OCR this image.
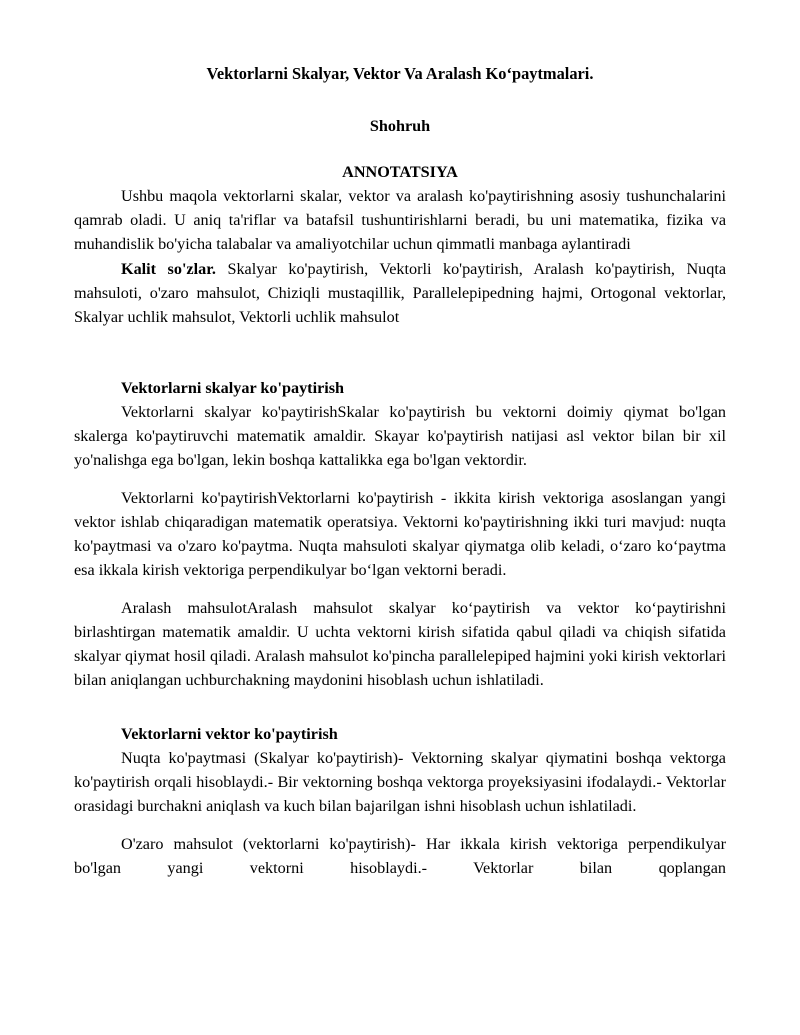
Vektorlarni Skalyar, Vektor Va Aralash Koʻpaytmalari.
Shohruh
ANNOTATSIYA

Ushbu maqola vektorlarni skalar, vektor va aralash ko'paytirishning asosiy tushunchalarini qamrab oladi. U aniq ta'riflar va batafsil tushuntirishlarni beradi, bu uni matematika, fizika va muhandislik bo'yicha talabalar va amaliyotchilar uchun qimmatli manbaga aylantiradi

Kalit so'zlar. Skalyar ko'paytirish, Vektorli ko'paytirish, Aralash ko'paytirish, Nuqta mahsuloti, o'zaro mahsulot, Chiziqli mustaqillik, Parallelepipedning hajmi, Ortogonal vektorlar, Skalyar uchlik mahsulot, Vektorli uchlik mahsulot

Vektorlarni skalyar ko'paytirish

Vektorlarni skalyar ko'paytirishSkalar ko'paytirish bu vektorni doimiy qiymat bo'lgan skalerga ko'paytiruvchi matematik amaldir. Skayar ko'paytirish natijasi asl vektor bilan bir xil yo'nalishga ega bo'lgan, lekin boshqa kattalikka ega bo'lgan vektordir.

Vektorlarni ko'paytirishVektorlarni ko'paytirish - ikkita kirish vektoriga asoslangan yangi vektor ishlab chiqaradigan matematik operatsiya. Vektorni ko'paytirishning ikki turi mavjud: nuqta ko'paytmasi va o'zaro ko'paytma. Nuqta mahsuloti skalyar qiymatga olib keladi, oʻzaro koʻpaytma esa ikkala kirish vektoriga perpendikulyar boʻlgan vektorni beradi.

Aralash mahsulotAralash mahsulot skalyar koʻpaytirish va vektor koʻpaytirishni birlashtirgan matematik amaldir. U uchta vektorni kirish sifatida qabul qiladi va chiqish sifatida skalyar qiymat hosil qiladi. Aralash mahsulot ko'pincha parallelepiped hajmini yoki kirish vektorlari bilan aniqlangan uchburchakning maydonini hisoblash uchun ishlatiladi.

Vektorlarni vektor ko'paytirish

Nuqta ko'paytmasi (Skalyar ko'paytirish)- Vektorning skalyar qiymatini boshqa vektorga ko'paytirish orqali hisoblaydi.- Bir vektorning boshqa vektorga proyeksiyasini ifodalaydi.- Vektorlar orasidagi burchakni aniqlash va kuch bilan bajarilgan ishni hisoblash uchun ishlatiladi.

O'zaro mahsulot (vektorlarni ko'paytirish)- Har ikkala kirish vektoriga perpendikulyar bo'lgan yangi vektorni hisoblaydi.- Vektorlar bilan qoplangan
